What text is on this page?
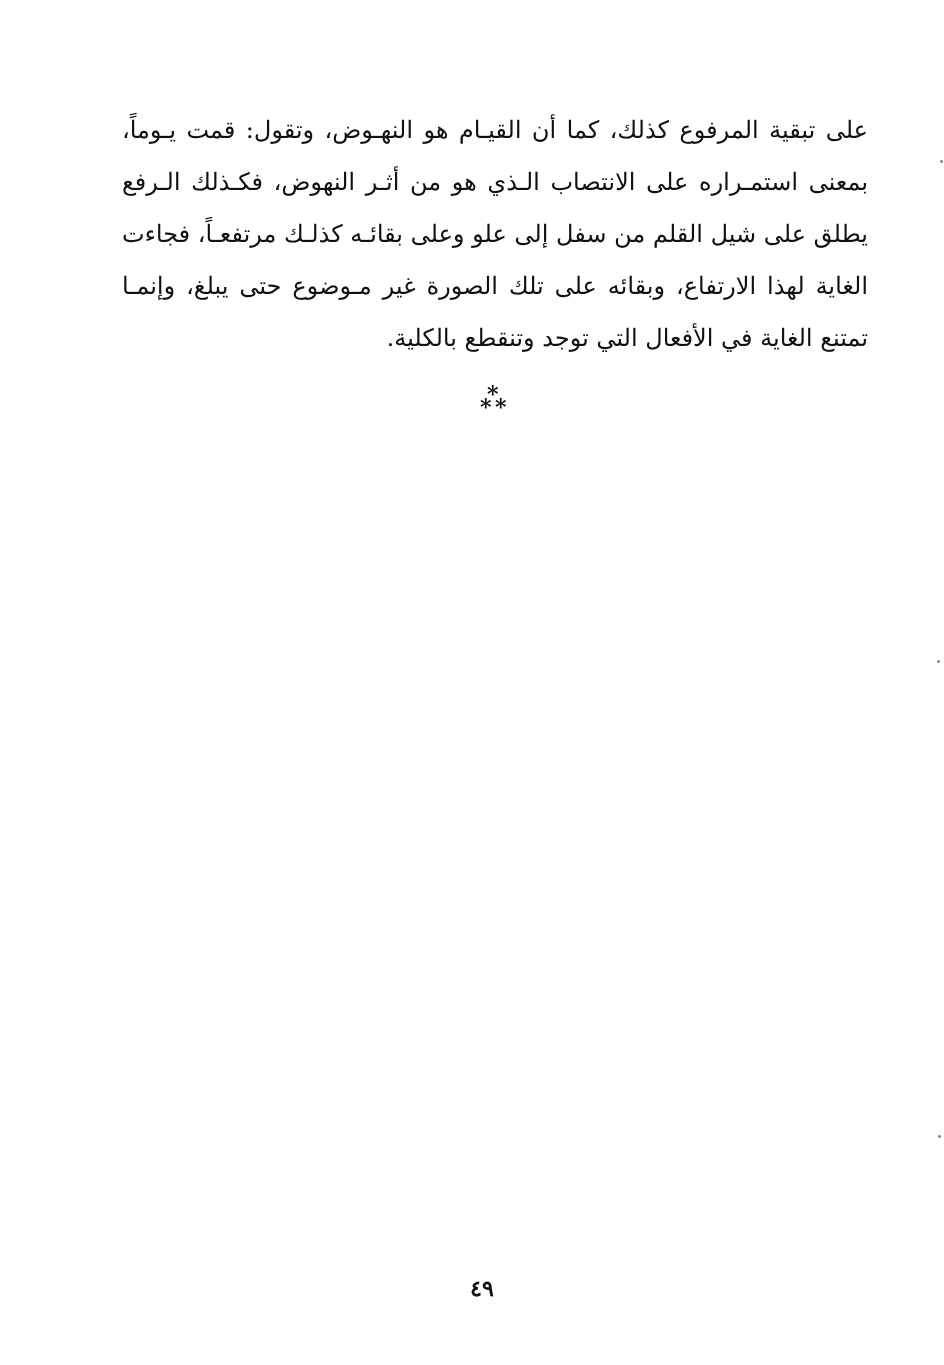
على تبقية المرفوع كذلك، كما أن القيـام هو النهـوض، وتقول: قمت يـوماً،
بمعنى استمـراره على الانتصاب الـذي هو من أثـر النهوض، فكـذلك الـرفع
يطلق على شيل القلم من سفل إلى علو وعلى بقائـه كذلـك مرتفعـاً، فجاءت
الغاية لهذا الارتفاع، وبقائه على تلك الصورة غير مـوضوع حتى يبلغ، وإنمـا
تمتنع الغاية في الأفعال التي توجد وتنقطع بالكلية.
*
* *
٤٩
